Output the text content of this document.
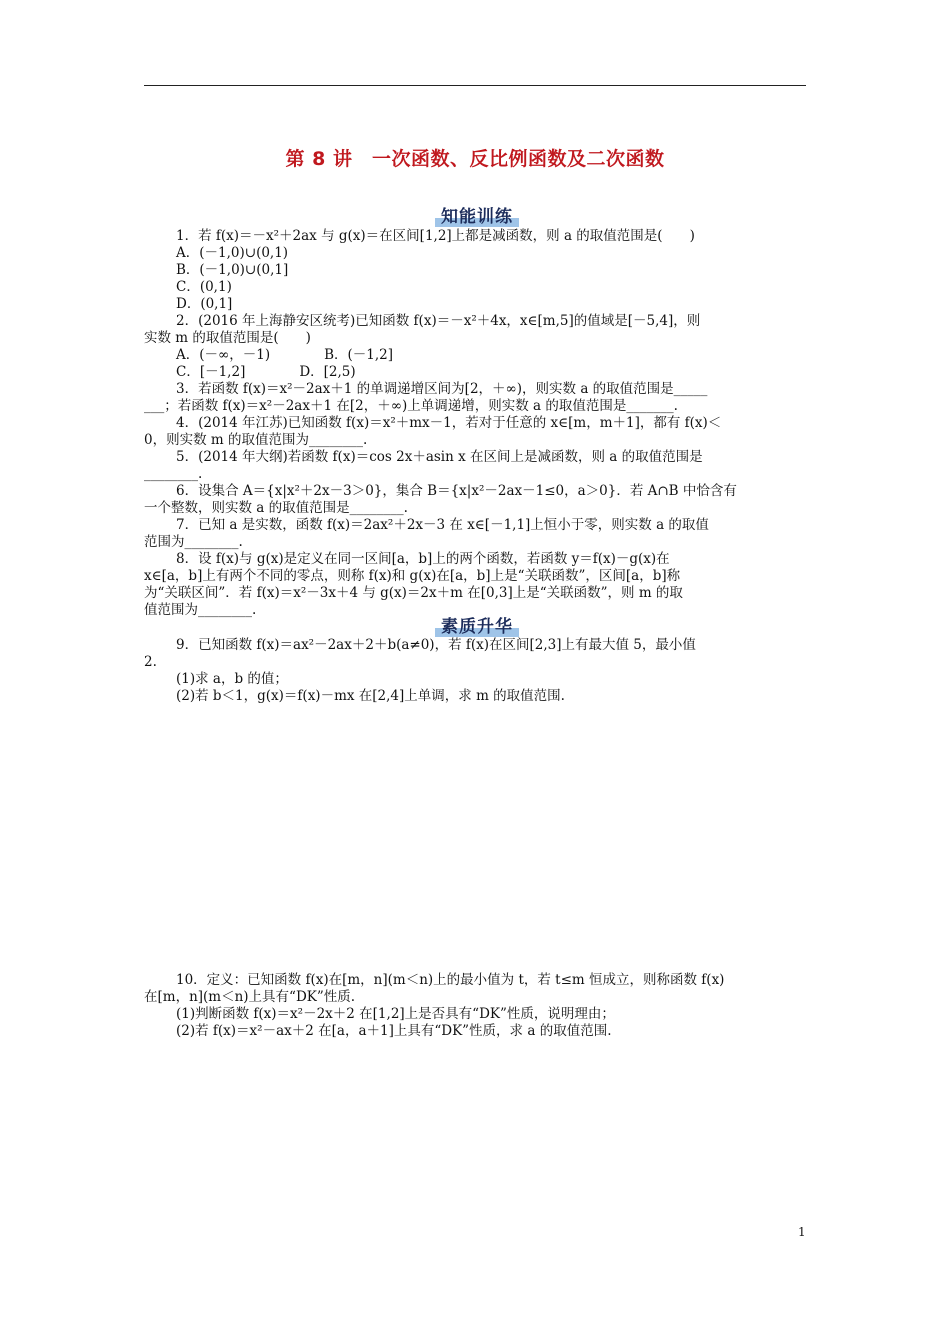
第 8 讲　一次函数、反比例函数及二次函数
知能训练
1．若 f(x)＝－x²＋2ax 与 g(x)＝在区间[1,2]上都是减函数，则 a 的取值范围是(　　)
A．(－1,0)∪(0,1)
B．(－1,0)∪(0,1]
C．(0,1)
D．(0,1]
2．(2016 年上海静安区统考)已知函数 f(x)＝－x²＋4x，x∈[m,5]的值域是[－5,4]，则
实数 m 的取值范围是(　　)
A．(－∞，－1)　　　　B．(－1,2]
C．[－1,2]　　　　D．[2,5)
3．若函数 f(x)＝x²－2ax＋1 的单调递增区间为[2，＋∞)，则实数 a 的取值范围是_____
___；若函数 f(x)＝x²－2ax＋1 在[2，＋∞)上单调递增，则实数 a 的取值范围是_______.
4．(2014 年江苏)已知函数 f(x)＝x²＋mx－1，若对于任意的 x∈[m，m＋1]，都有 f(x)＜
0，则实数 m 的取值范围为________.
5．(2014 年大纲)若函数 f(x)＝cos 2x＋asin x 在区间上是减函数，则 a 的取值范围是
________.
6．设集合 A＝{x|x²＋2x－3＞0}，集合 B＝{x|x²－2ax－1≤0，a＞0}．若 A∩B 中恰含有
一个整数，则实数 a 的取值范围是________.
7．已知 a 是实数，函数 f(x)＝2ax²＋2x－3 在 x∈[－1,1]上恒小于零，则实数 a 的取值
范围为________.
8．设 f(x)与 g(x)是定义在同一区间[a，b]上的两个函数，若函数 y＝f(x)－g(x)在
x∈[a，b]上有两个不同的零点，则称 f(x)和 g(x)在[a，b]上是“关联函数”，区间[a，b]称
为“关联区间”．若 f(x)＝x²－3x＋4 与 g(x)＝2x＋m 在[0,3]上是“关联函数”，则 m 的取
值范围为________.
素质升华
9．已知函数 f(x)＝ax²－2ax＋2＋b(a≠0)，若 f(x)在区间[2,3]上有最大值 5，最小值
2.
(1)求 a，b 的值；
(2)若 b＜1，g(x)＝f(x)－mx 在[2,4]上单调，求 m 的取值范围.
10．定义：已知函数 f(x)在[m，n](m＜n)上的最小值为 t，若 t≤m 恒成立，则称函数 f(x)
在[m，n](m＜n)上具有“DK”性质.
(1)判断函数 f(x)＝x²－2x＋2 在[1,2]上是否具有“DK”性质，说明理由；
(2)若 f(x)＝x²－ax＋2 在[a，a＋1]上具有“DK”性质，求 a 的取值范围.
1
